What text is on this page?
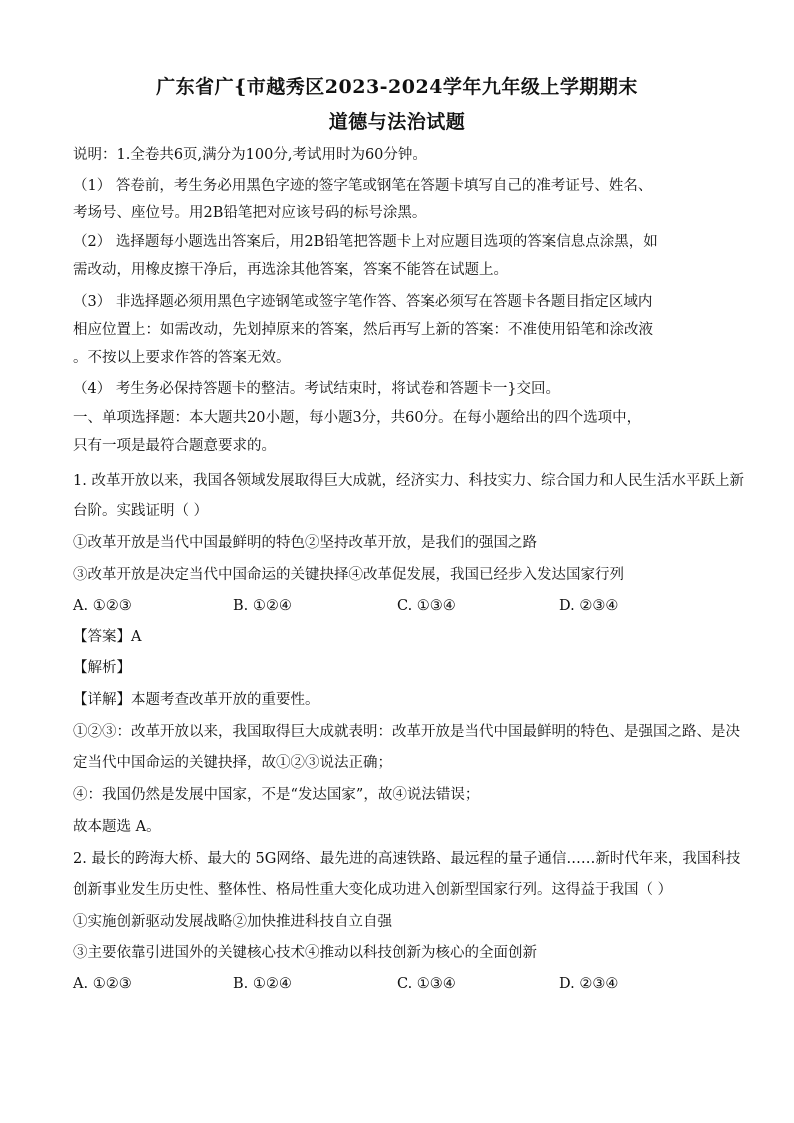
广东省广{市越秀区2023-2024学年九年级上学期期末
道德与法治试题
说明：1.全卷共6页,满分为100分,考试用时为60分钟。
（1） 答卷前，考生务必用黑色字迹的签字笔或钢笔在答题卡填写自己的准考证号、姓名、
考场号、座位号。用2B铅笔把对应该号码的标号涂黑。
（2） 选择题每小题选出答案后，用2B铅笔把答题卡上对应题目选项的答案信息点涂黑，如
需改动，用橡皮擦干净后，再选涂其他答案，答案不能答在试题上。
（3） 非选择题必须用黑色字迹钢笔或签字笔作答、答案必须写在答题卡各题目指定区域内
相应位置上：如需改动，先划掉原来的答案，然后再写上新的答案：不准使用铅笔和涂改液
。不按以上要求作答的答案无效。
（4） 考生务必保持答题卡的整洁。考试结束时，将试卷和答题卡一}交回。
一、单项选择题：本大题共20小题，每小题3分，共60分。在每小题给出的四个选项中，
只有一项是最符合题意要求的。
1. 改革开放以来，我国各领域发展取得巨大成就，经济实力、科技实力、综合国力和人民生活水平跃上新
台阶。实践证明（ ）
①改革开放是当代中国最鲜明的特色②坚持改革开放，是我们的强国之路
③改革开放是决定当代中国命运的关键抉择④改革促发展，我国已经步入发达国家行列
A. ①②③	B. ①②④	C. ①③④	D. ②③④
【答案】A
【解析】
【详解】本题考查改革开放的重要性。
①②③：改革开放以来，我国取得巨大成就表明：改革开放是当代中国最鲜明的特色、是强国之路、是决
定当代中国命运的关键抉择，故①②③说法正确；
④：我国仍然是发展中国家，不是“发达国家”，故④说法错误；
故本题选 A。
2. 最长的跨海大桥、最大的 5G网络、最先进的高速铁路、最远程的量子通信……新时代年来，我国科技
创新事业发生历史性、整体性、格局性重大变化成功进入创新型国家行列。这得益于我国（ ）
①实施创新驱动发展战略②加快推进科技自立自强
③主要依靠引进国外的关键核心技术④推动以科技创新为核心的全面创新
A. ①②③	B. ①②④	C. ①③④	D. ②③④
